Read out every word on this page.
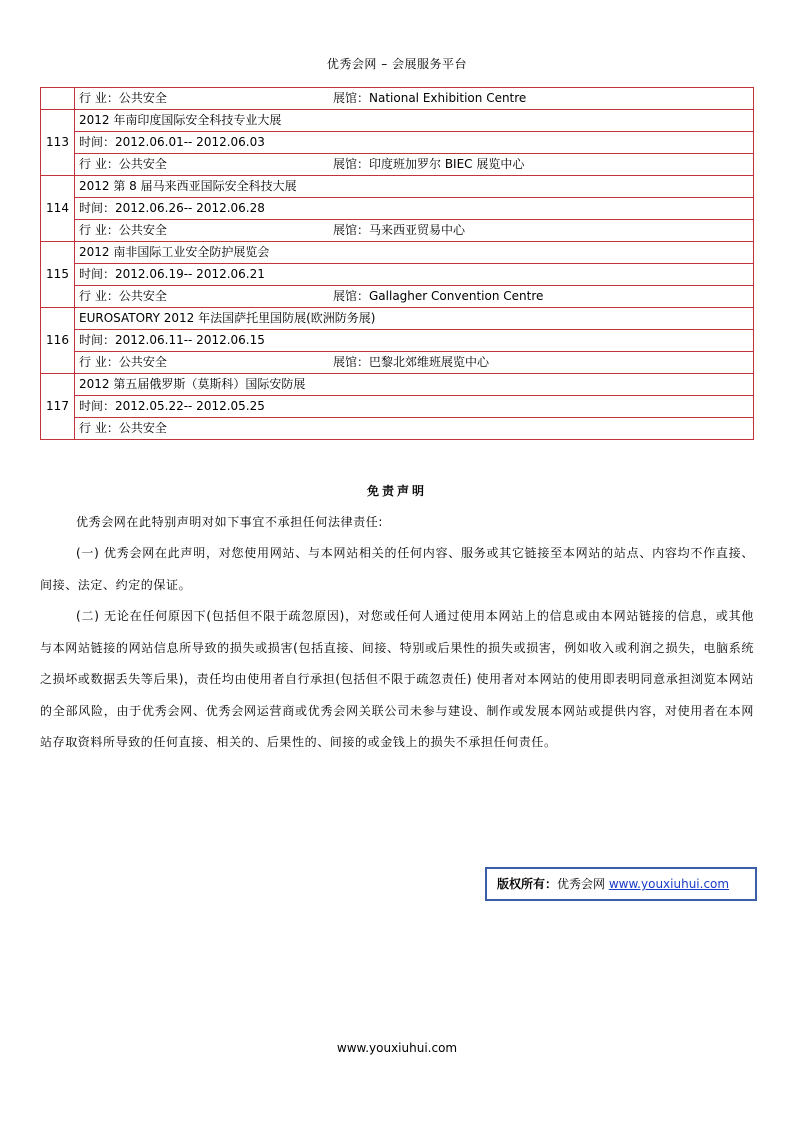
优秀会网 – 会展服务平台

	行 业：公共安全 展馆：National Exhibition Centre

113	2012 年南印度国际安全科技专业大展
	时间：2012.06.01-- 2012.06.03

	行 业：公共安全 展馆：印度班加罗尔 BIEC 展览中心

114	2012 第 8 届马来西亚国际安全科技大展
	时间：2012.06.26-- 2012.06.28

	行 业：公共安全 展馆：马来西亚贸易中心

115	2012 南非国际工业安全防护展览会
	时间：2012.06.19-- 2012.06.21

	行 业：公共安全 展馆：Gallagher Convention Centre

116	EUROSATORY 2012 年法国萨托里国防展(欧洲防务展)
	时间：2012.06.11-- 2012.06.15

	行 业：公共安全 展馆：巴黎北郊维班展览中心

117	2012 第五届俄罗斯（莫斯科）国际安防展
	时间：2012.05.22-- 2012.05.25

	行 业：公共安全
免责声明
优秀会网在此特别声明对如下事宜不承担任何法律责任:
(一) 优秀会网在此声明，对您使用网站、与本网站相关的任何内容、服务或其它链接至本网站的站点、内容均不作直接、间接、法定、约定的保证。
(二) 无论在任何原因下(包括但不限于疏忽原因)，对您或任何人通过使用本网站上的信息或由本网站链接的信息，或其他与本网站链接的网站信息所导致的损失或损害(包括直接、间接、特别或后果性的损失或损害，例如收入或利润之损失，电脑系统之损坏或数据丢失等后果)，责任均由使用者自行承担(包括但不限于疏忽责任) 使用者对本网站的使用即表明同意承担浏览本网站的全部风险，由于优秀会网、优秀会网运营商或优秀会网关联公司未参与建设、制作或发展本网站或提供内容，对使用者在本网站存取资料所导致的任何直接、相关的、后果性的、间接的或金钱上的损失不承担任何责任。
版权所有：优秀会网 www.youxiuhui.com
www.youxiuhui.com
